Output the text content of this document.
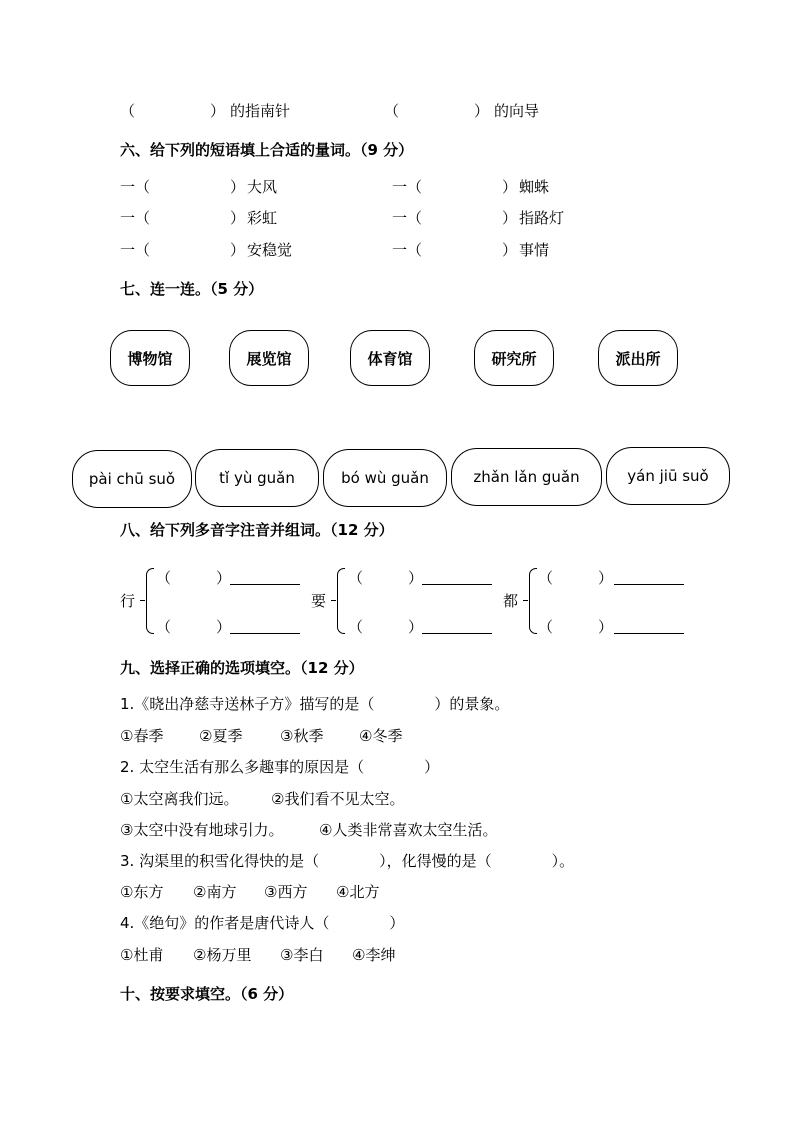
（　　　　　） 的指南针	（　　　　　） 的向导
六、给下列的短语填上合适的量词。（9 分）
一（	） 大风	一（	） 蜘蛛
一（	） 彩虹	一（	） 指路灯
一（	） 安稳觉	一（	） 事情
七、连一连。（5 分）
博物馆	展览馆	体育馆	研究所	派出所
pài chū suǒ	tǐ yù guǎn	bó wù guǎn	zhǎn lǎn guǎn	yán jiū suǒ
八、给下列多音字注音并组词。（12 分）
行
（　　　）
（　　　）
要
（　　　）
（　　　）
都
（　　　）
（　　　）
九、选择正确的选项填空。（12 分）
1.《晓出净慈寺送林子方》描写的是（　　　　）的景象。
①春季 ②夏季	③秋季 ④冬季
2. 太空生活有那么多趣事的原因是（　　　　）
①太空离我们远。 ②我们看不见太空。
③太空中没有地球引力。 ④人类非常喜欢太空生活。
3. 沟渠里的积雪化得快的是（　　　　），化得慢的是（　　　　）。
①东方 ②南方 ③西方 ④北方
4.《绝句》的作者是唐代诗人（　　　　）
①杜甫 ②杨万里 ③李白 ④李绅
十、按要求填空。（6 分）
